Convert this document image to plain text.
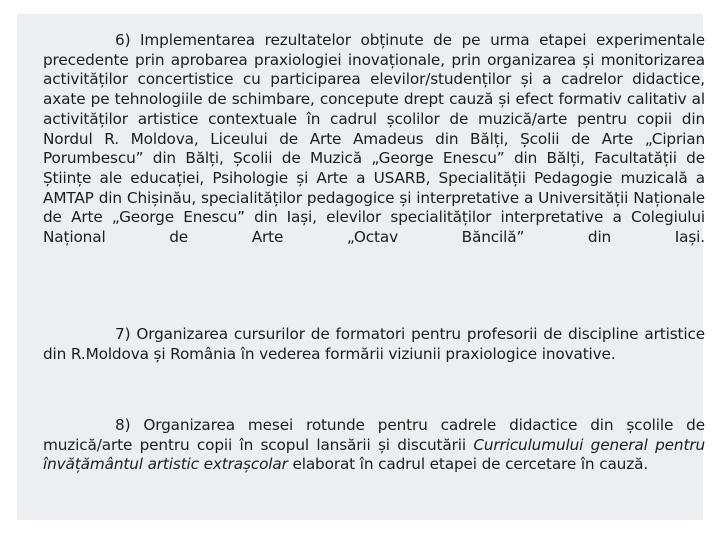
6) Implementarea rezultatelor obținute de pe urma etapei experimentale precedente prin aprobarea praxiologiei inovaționale, prin organizarea și monitorizarea activităților concertistice cu participarea elevilor/studenților și a cadrelor didactice, axate pe tehnologiile de schimbare, concepute drept cauză și efect formativ calitativ al activităților artistice contextuale în cadrul școlilor de muzică/arte pentru copii din Nordul R. Moldova, Liceului de Arte Amadeus din Bălți, Școlii de Arte „Ciprian Porumbescu” din Bălți, Școlii de Muzică „George Enescu” din Bălți, Facultatății de Științe ale educației, Psihologie și Arte a USARB, Specialității Pedagogie muzicală a AMTAP din Chișinău, specialităților pedagogice și interpretative a Universității Naționale de Arte „George Enescu” din Iași, elevilor specialităților interpretative a Colegiului Național de Arte „Octav Băncilă” din Iași.

7) Organizarea cursurilor de formatori pentru profesorii de discipline artistice din R.Moldova și România în vederea formării viziunii praxiologice inovative.

8) Organizarea mesei rotunde pentru cadrele didactice din școlile de muzică/arte pentru copii în scopul lansării și discutării Curriculumului general pentru învățământul artistic extrașcolar elaborat în cadrul etapei de cercetare în cauză.
